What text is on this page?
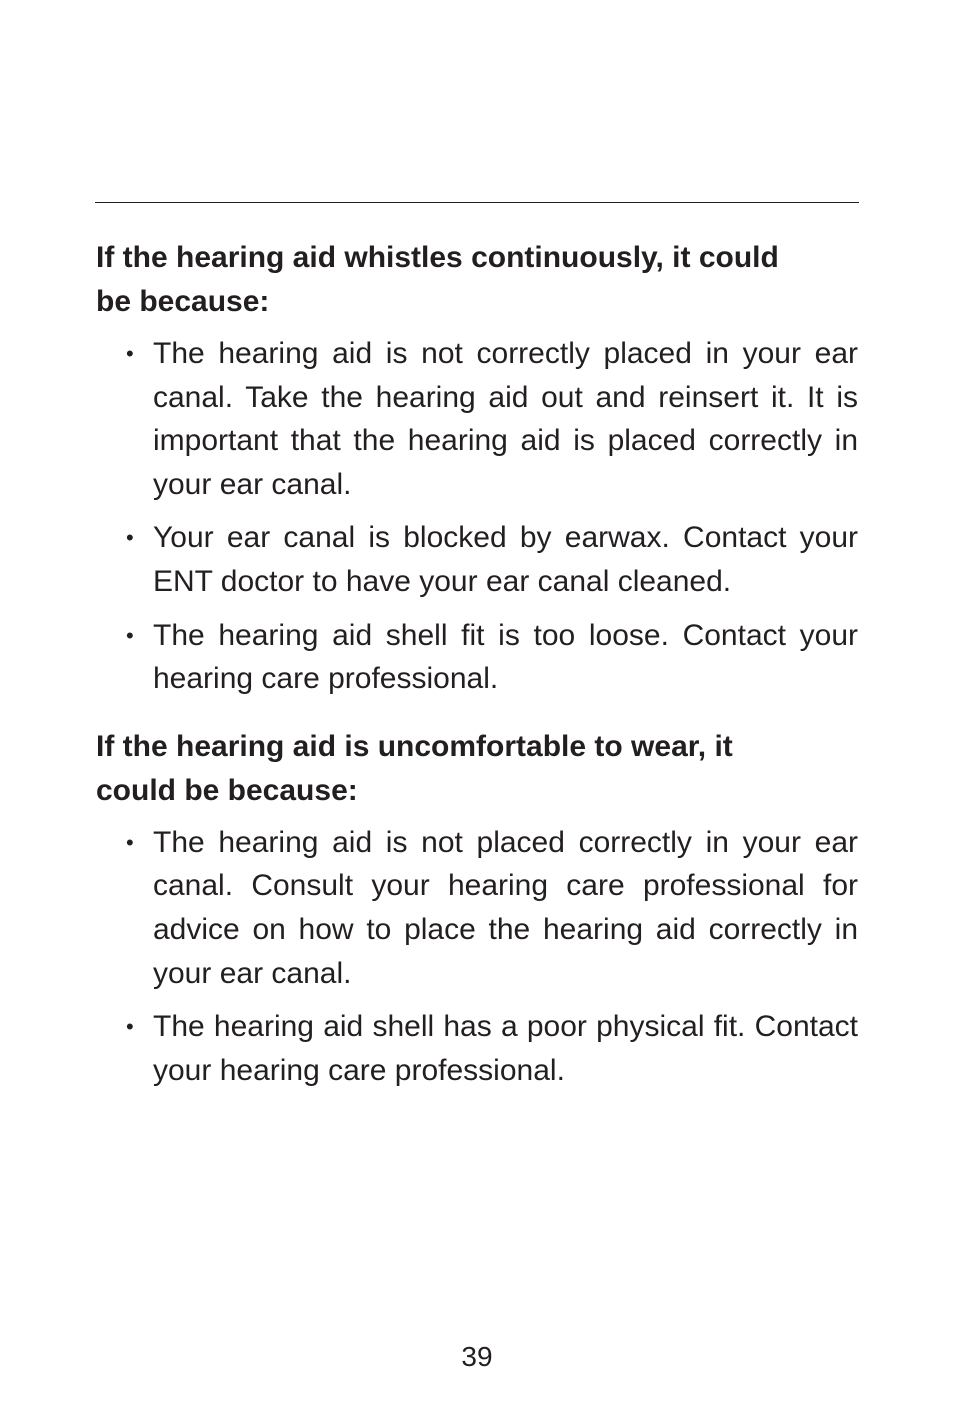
If the hearing aid whistles continuously, it could be because:

• The hearing aid is not correctly placed in your ear canal. Take the hearing aid out and reinsert it. It is important that the hearing aid is placed correctly in your ear canal.
• Your ear canal is blocked by earwax. Contact your ENT doctor to have your ear canal cleaned.
• The hearing aid shell fit is too loose. Contact your hearing care professional.

If the hearing aid is uncomfortable to wear, it could be because:

• The hearing aid is not placed correctly in your ear canal. Consult your hearing care professional for advice on how to place the hearing aid correctly in your ear canal.
• The hearing aid shell has a poor physical fit. Contact your hearing care professional.
39
